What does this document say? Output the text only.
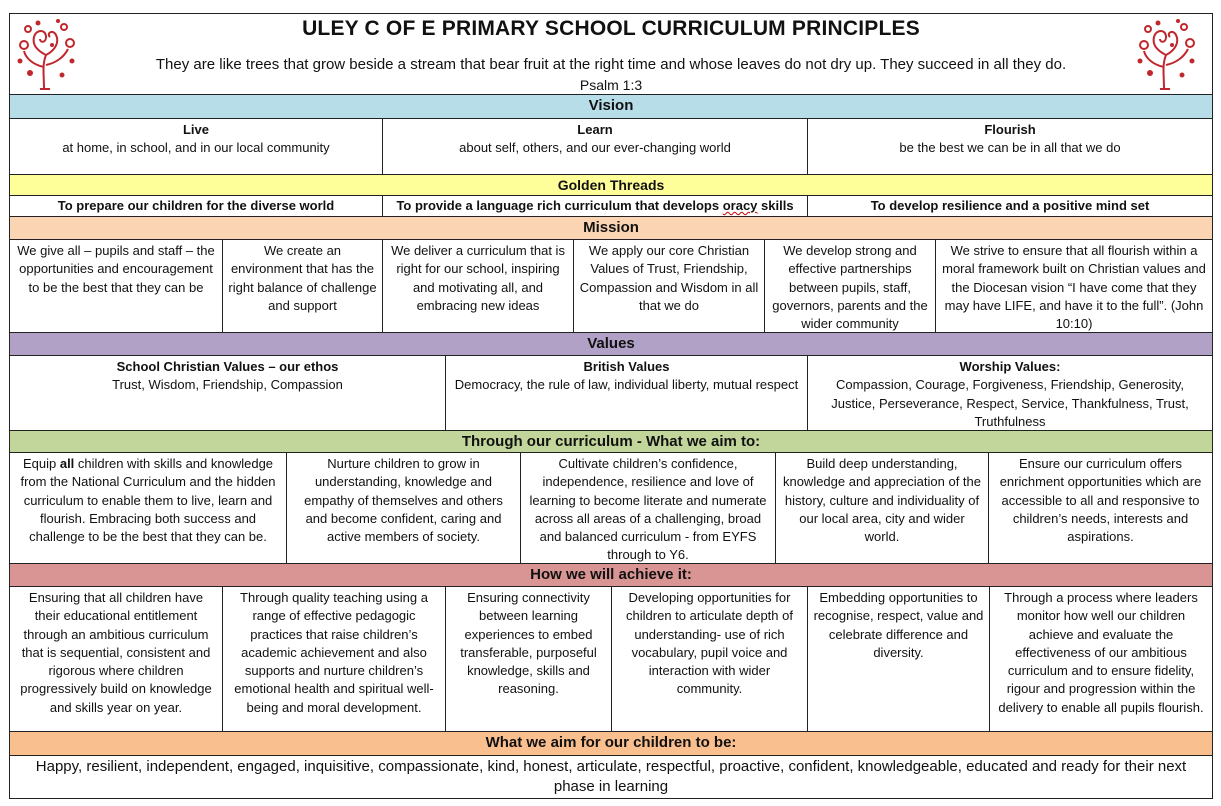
ULEY C OF E PRIMARY SCHOOL CURRICULUM PRINCIPLES
They are like trees that grow beside a stream that bear fruit at the right time and whose leaves do not dry up. They succeed in all they do.
Psalm 1:3
Vision
Live
at home, in school, and in our local community
Learn
about self, others, and our ever-changing world
Flourish
be the best we can be in all that we do
Golden Threads
To prepare our children for the diverse world	To provide a language rich curriculum that develops oracy skills	To develop resilience and a positive mind set
Mission
We give all – pupils and staff – the opportunities and encouragement to be the best that they can be
We create an environment that has the right balance of challenge and support
We deliver a curriculum that is right for our school, inspiring and motivating all, and embracing new ideas
We apply our core Christian Values of Trust, Friendship, Compassion and Wisdom in all that we do
We develop strong and effective partnerships between pupils, staff, governors, parents and the wider community
We strive to ensure that all flourish within a moral framework built on Christian values and the Diocesan vision “I have come that they may have LIFE, and have it to the full”. (John 10:10)
Values
School Christian Values – our ethos
Trust, Wisdom, Friendship, Compassion
British Values
Democracy, the rule of law, individual liberty, mutual respect
Worship Values:
Compassion, Courage, Forgiveness, Friendship, Generosity, Justice, Perseverance, Respect, Service, Thankfulness, Trust, Truthfulness
Through our curriculum - What we aim to:
Equip all children with skills and knowledge from the National Curriculum and the hidden curriculum to enable them to live, learn and flourish. Embracing both success and challenge to be the best that they can be.
Nurture children to grow in understanding, knowledge and empathy of themselves and others and become confident, caring and active members of society.
Cultivate children’s confidence, independence, resilience and love of learning to become literate and numerate across all areas of a challenging, broad and balanced curriculum - from EYFS through to Y6.
Build deep understanding, knowledge and appreciation of the history, culture and individuality of our local area, city and wider world.
Ensure our curriculum offers enrichment opportunities which are accessible to all and responsive to children’s needs, interests and aspirations.
How we will achieve it:
Ensuring that all children have their educational entitlement through an ambitious curriculum that is sequential, consistent and rigorous where children progressively build on knowledge and skills year on year.
Through quality teaching using a range of effective pedagogic practices that raise children’s academic achievement and also supports and nurture children’s emotional health and spiritual well-being and moral development.
Ensuring connectivity between learning experiences to embed transferable, purposeful knowledge, skills and reasoning.
Developing opportunities for children to articulate depth of understanding- use of rich vocabulary, pupil voice and interaction with wider community.
Embedding opportunities to recognise, respect, value and celebrate difference and diversity.
Through a process where leaders monitor how well our children achieve and evaluate the effectiveness of our ambitious curriculum and to ensure fidelity, rigour and progression within the delivery to enable all pupils flourish.
What we aim for our children to be:
Happy, resilient, independent, engaged, inquisitive, compassionate, kind, honest, articulate, respectful, proactive, confident, knowledgeable, educated and ready for their next phase in learning
